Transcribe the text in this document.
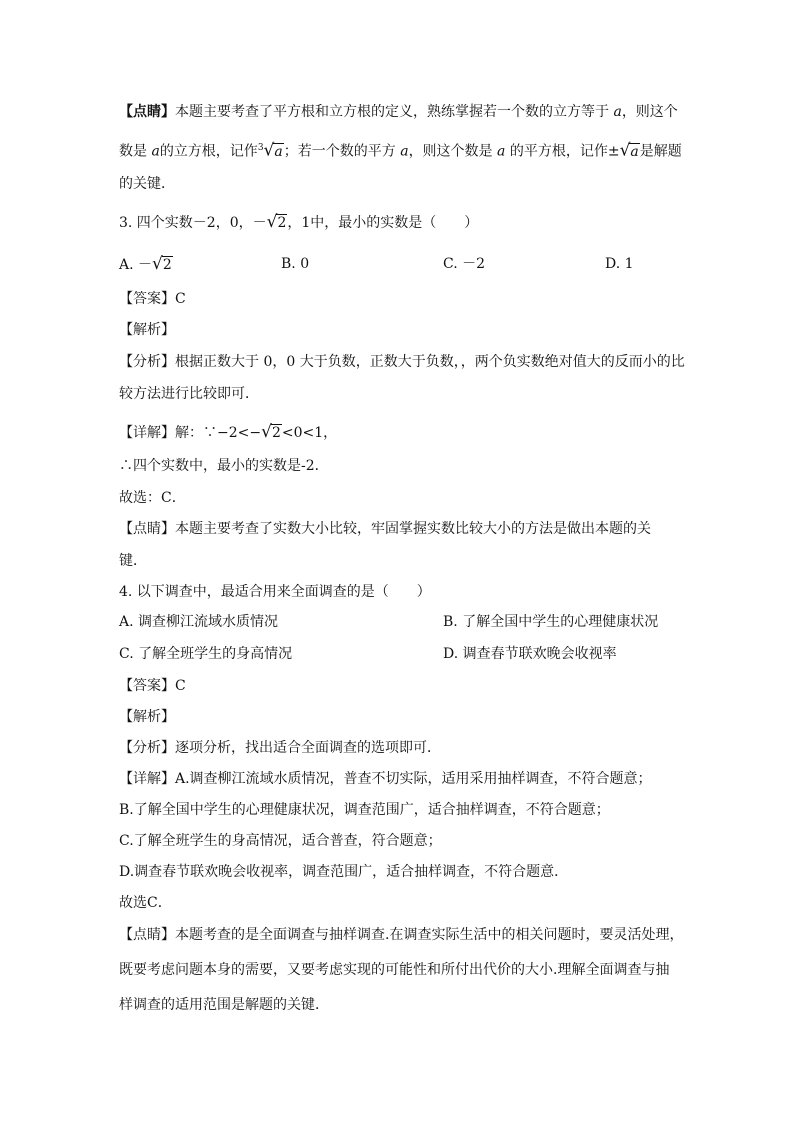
【点睛】本题主要考查了平方根和立方根的定义，熟练掌握若一个数的立方等于 a，则这个
数是 a的立方根，记作$^3$√a；若一个数的平方 a，则这个数是 a 的平方根，记作±√a是解题
的关键．
3. 四个实数－2，0，－√2，1中，最小的实数是（　　）
A. －√2	B. 0	C. －2	D. 1
【答案】C
【解析】
【分析】根据正数大于 0，0 大于负数，正数大于负数，，两个负实数绝对值大的反而小的比
较方法进行比较即可．
【详解】解：∵−2<−√2<0<1，
∴四个实数中，最小的实数是-2．
故选：C．
【点睛】本题主要考查了实数大小比较，牢固掌握实数比较大小的方法是做出本题的关
键．
4. 以下调查中，最适合用来全面调查的是（　　）
A. 调查柳江流域水质情况	B. 了解全国中学生的心理健康状况
C. 了解全班学生的身高情况	D. 调查春节联欢晚会收视率
【答案】C
【解析】
【分析】逐项分析，找出适合全面调查的选项即可．
【详解】A.调查柳江流域水质情况，普查不切实际，适用采用抽样调查，不符合题意；
B.了解全国中学生的心理健康状况，调查范围广，适合抽样调查，不符合题意；
C.了解全班学生的身高情况，适合普查，符合题意；
D.调查春节联欢晚会收视率，调查范围广，适合抽样调查，不符合题意．
故选C．
【点睛】本题考查的是全面调查与抽样调查.在调查实际生活中的相关问题时，要灵活处理，
既要考虑问题本身的需要，又要考虑实现的可能性和所付出代价的大小.理解全面调查与抽
样调查的适用范围是解题的关键．
